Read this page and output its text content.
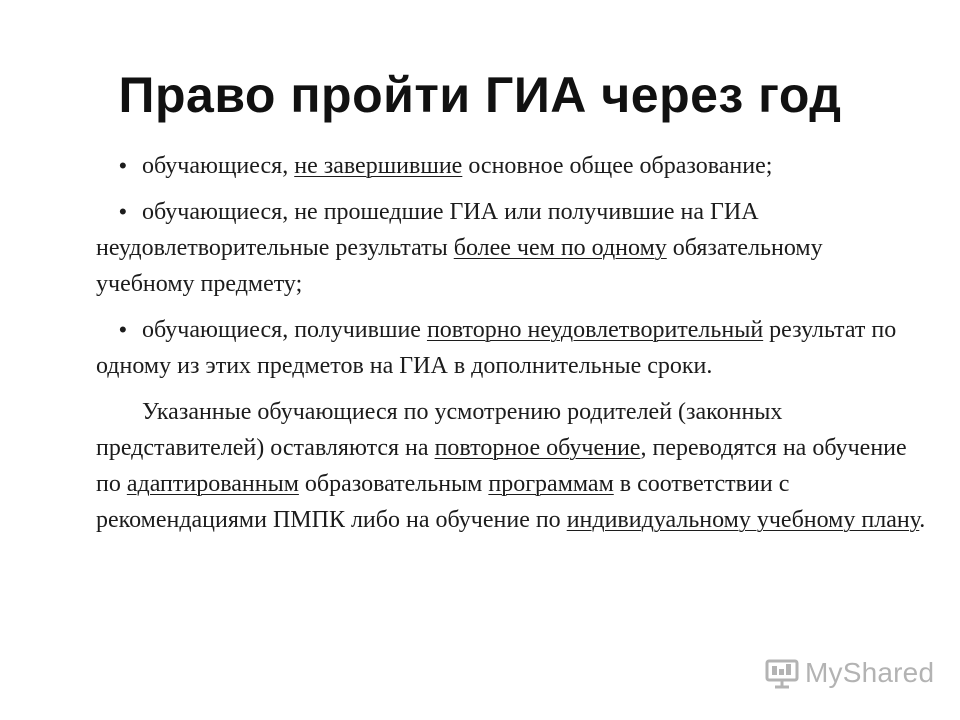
Право пройти ГИА через год
• обучающиеся, не завершившие основное общее образование;
• обучающиеся, не прошедшие ГИА или получившие на ГИА неудовлетворительные результаты более чем по одному обязательному учебному предмету;
• обучающиеся, получившие повторно неудовлетворительный результат по одному из этих предметов на ГИА в дополнительные сроки.
Указанные обучающиеся по усмотрению родителей (законных представителей) оставляются на повторное обучение, переводятся на обучение по адаптированным образовательным программам в соответствии с рекомендациями ПМПК либо на обучение по индивидуальному учебному плану.
MyShared
